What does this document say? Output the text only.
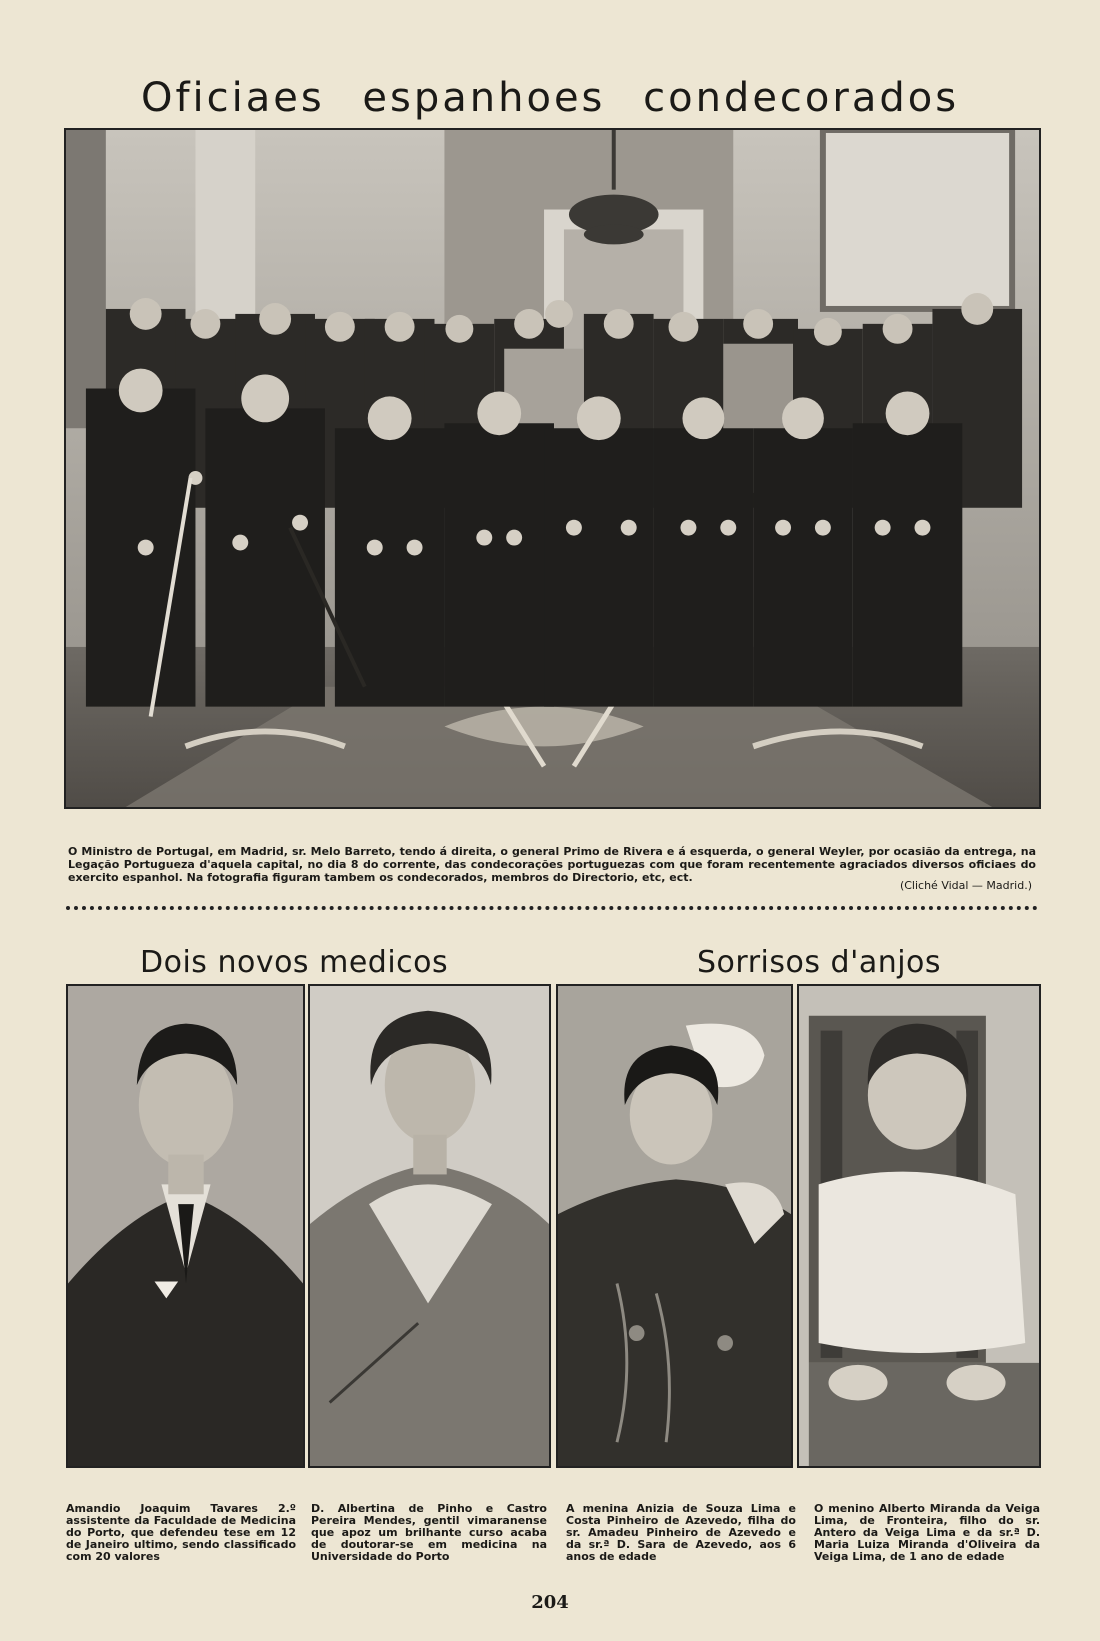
Oficiaes espanhoes condecorados

O Ministro de Portugal, em Madrid, sr. Melo Barreto, tendo á direita, o general Primo de Rivera e á esquerda, o general Weyler, por ocasião da entrega, na Legação Portugueza d'aquela capital, no dia 8 do corrente, das condecorações portuguezas com que foram recentemente agraciados diversos oficiaes do exercito espanhol. Na fotografia figuram tambem os condecorados, membros do Directorio, etc, ect.

(Cliché Vidal — Madrid.)
Dois novos medicos	Sorrisos d'anjos

Amandio Joaquim Tavares 2.º assistente da Faculdade de Medicina do Porto, que defendeu tese em 12 de Janeiro ultimo, sendo classificado com 20 valores

D. Albertina de Pinho e Castro Pereira Mendes, gentil vimaranense que apoz um brilhante curso acaba de doutorar-se em medicina na Universidade do Porto

A menina Anizia de Souza Lima e Costa Pinheiro de Azevedo, filha do sr. Amadeu Pinheiro de Azevedo e da sr.ª D. Sara de Azevedo, aos 6 anos de edade

O menino Alberto Miranda da Veiga Lima, de Fronteira, filho do sr. Antero da Veiga Lima e da sr.ª D. Maria Luiza Miranda d'Oliveira da Veiga Lima, de 1 ano de edade

204
